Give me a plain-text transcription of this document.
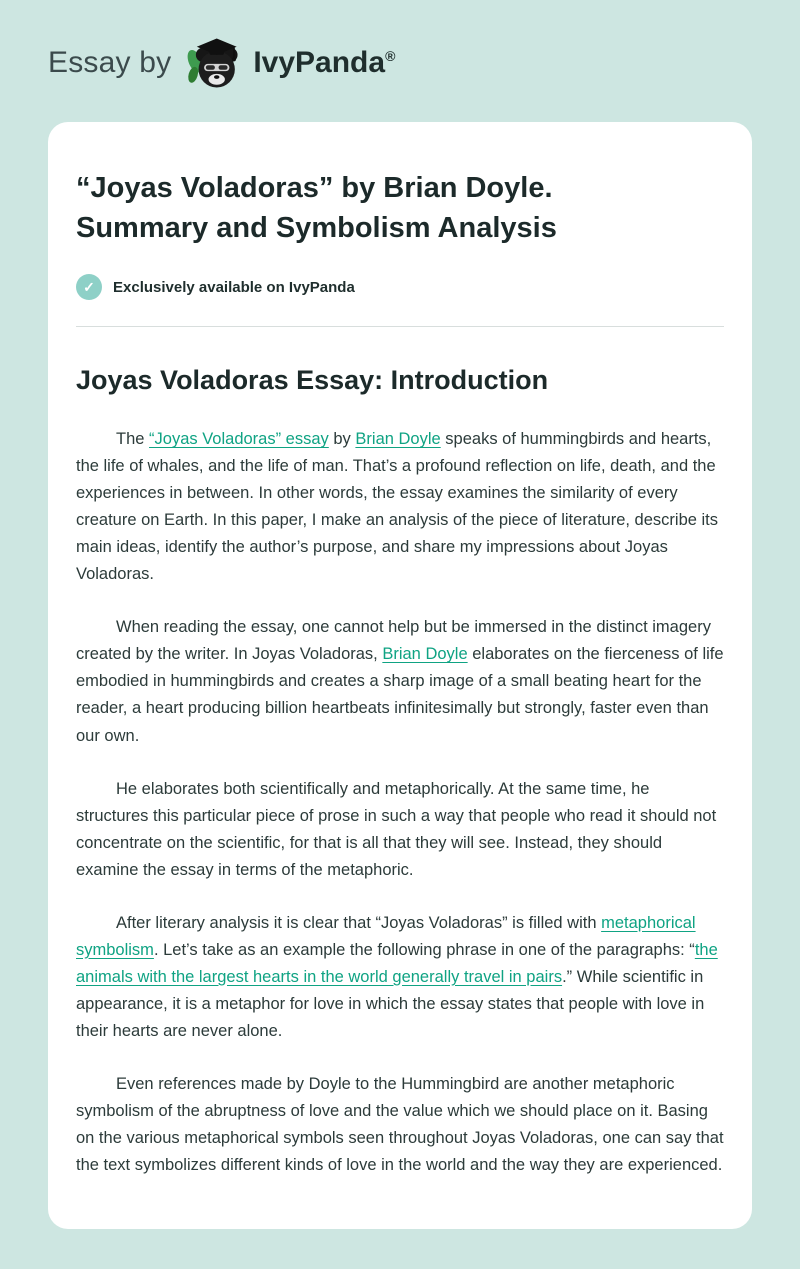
Essay by	IvyPanda®
“Joyas Voladoras” by Brian Doyle.
Summary and Symbolism Analysis
✓	Exclusively available on IvyPanda
Joyas Voladoras Essay: Introduction

The “Joyas Voladoras” essay by Brian Doyle speaks of hummingbirds and hearts, the life of whales, and the life of man. That’s a profound reflection on life, death, and the experiences in between. In other words, the essay examines the similarity of every creature on Earth. In this paper, I make an analysis of the piece of literature, describe its main ideas, identify the author’s purpose, and share my impressions about Joyas Voladoras.

When reading the essay, one cannot help but be immersed in the distinct imagery created by the writer. In Joyas Voladoras, Brian Doyle elaborates on the fierceness of life embodied in hummingbirds and creates a sharp image of a small beating heart for the reader, a heart producing billion heartbeats infinitesimally but strongly, faster even than our own.

He elaborates both scientifically and metaphorically. At the same time, he structures this particular piece of prose in such a way that people who read it should not concentrate on the scientific, for that is all that they will see. Instead, they should examine the essay in terms of the metaphoric.

After literary analysis it is clear that “Joyas Voladoras” is filled with metaphorical symbolism. Let’s take as an example the following phrase in one of the paragraphs: “the animals with the largest hearts in the world generally travel in pairs.” While scientific in appearance, it is a metaphor for love in which the essay states that people with love in their hearts are never alone.

Even references made by Doyle to the Hummingbird are another metaphoric symbolism of the abruptness of love and the value which we should place on it. Basing on the various metaphorical symbols seen throughout Joyas Voladoras, one can say that the text symbolizes different kinds of love in the world and the way they are experienced.
